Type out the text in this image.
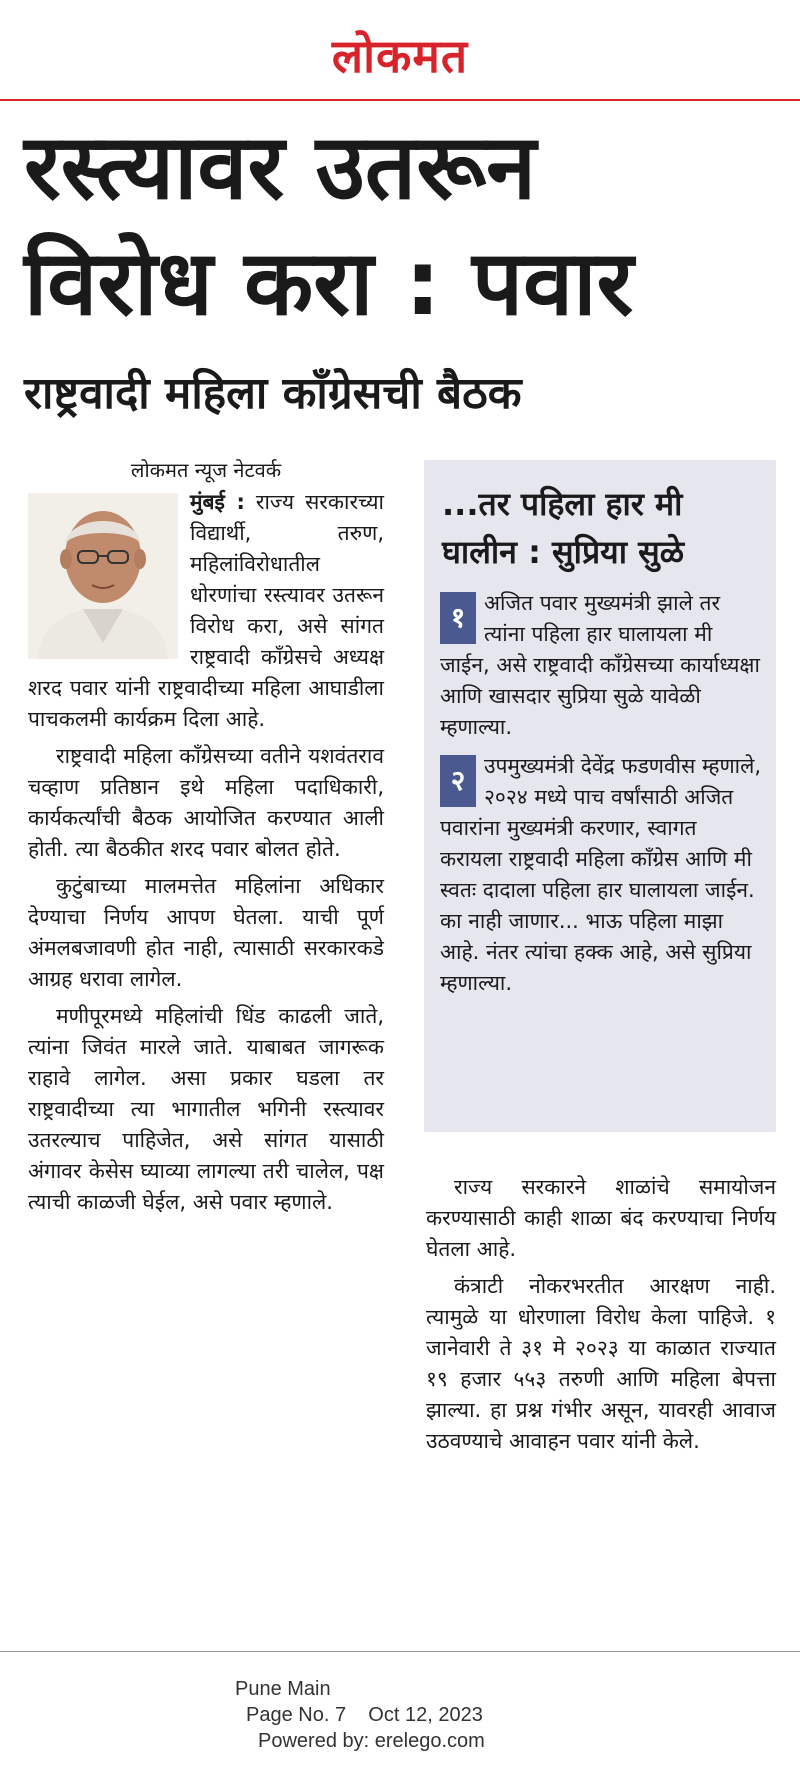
लोकमत
रस्त्यावर उतरून
विरोध करा : पवार
राष्ट्रवादी महिला काँग्रेसची बैठक
लोकमत न्यूज नेटवर्क

मुंबई : राज्य सरकारच्या विद्यार्थी, तरुण, महिलांविरोधातील धोरणांचा रस्त्यावर उतरून विरोध करा, असे सांगत राष्ट्रवादी काँग्रेसचे अध्यक्ष शरद पवार यांनी राष्ट्रवादीच्या महिला आघाडीला पाचकलमी कार्यक्रम दिला आहे.

राष्ट्रवादी महिला काँग्रेसच्या वतीने यशवंतराव चव्हाण प्रतिष्ठान इथे महिला पदाधिकारी, कार्यकर्त्यांची बैठक आयोजित करण्यात आली होती. त्या बैठकीत शरद पवार बोलत होते.

कुटुंबाच्या मालमत्तेत महिलांना अधिकार देण्याचा निर्णय आपण घेतला. याची पूर्ण अंमलबजावणी होत नाही, त्यासाठी सरकारकडे आग्रह धरावा लागेल.

मणीपूरमध्ये महिलांची धिंड काढली जाते, त्यांना जिवंत मारले जाते. याबाबत जागरूक राहावे लागेल. असा प्रकार घडला तर राष्ट्रवादीच्या त्या भागातील भगिनी रस्त्यावर उतरल्याच पाहिजेत, असे सांगत यासाठी अंगावर केसेस घ्याव्या लागल्या तरी चालेल, पक्ष त्याची काळजी घेईल, असे पवार म्हणाले.

...तर पहिला हार मी घालीन : सुप्रिया सुळे
१ अजित पवार मुख्यमंत्री झाले तर त्यांना पहिला हार घालायला मी जाईन, असे राष्ट्रवादी काँग्रेसच्या कार्याध्यक्षा आणि खासदार सुप्रिया सुळे यावेळी म्हणाल्या.
२ उपमुख्यमंत्री देवेंद्र फडणवीस म्हणाले, २०२४ मध्ये पाच वर्षांसाठी अजित पवारांना मुख्यमंत्री करणार, स्वागत करायला राष्ट्रवादी महिला काँग्रेस आणि मी स्वतः दादाला पहिला हार घालायला जाईन. का नाही जाणार... भाऊ पहिला माझा आहे. नंतर त्यांचा हक्क आहे, असे सुप्रिया म्हणाल्या.

राज्य सरकारने शाळांचे समायोजन करण्यासाठी काही शाळा बंद करण्याचा निर्णय घेतला आहे.

कंत्राटी नोकरभरतीत आरक्षण नाही. त्यामुळे या धोरणाला विरोध केला पाहिजे. १ जानेवारी ते ३१ मे २०२३ या काळात राज्यात १९ हजार ५५३ तरुणी आणि महिला बेपत्ता झाल्या. हा प्रश्न गंभीर असून, यावरही आवाज उठवण्याचे आवाहन पवार यांनी केले.

Pune Main
Page No. 7    Oct 12, 2023
Powered by: erelego.com
